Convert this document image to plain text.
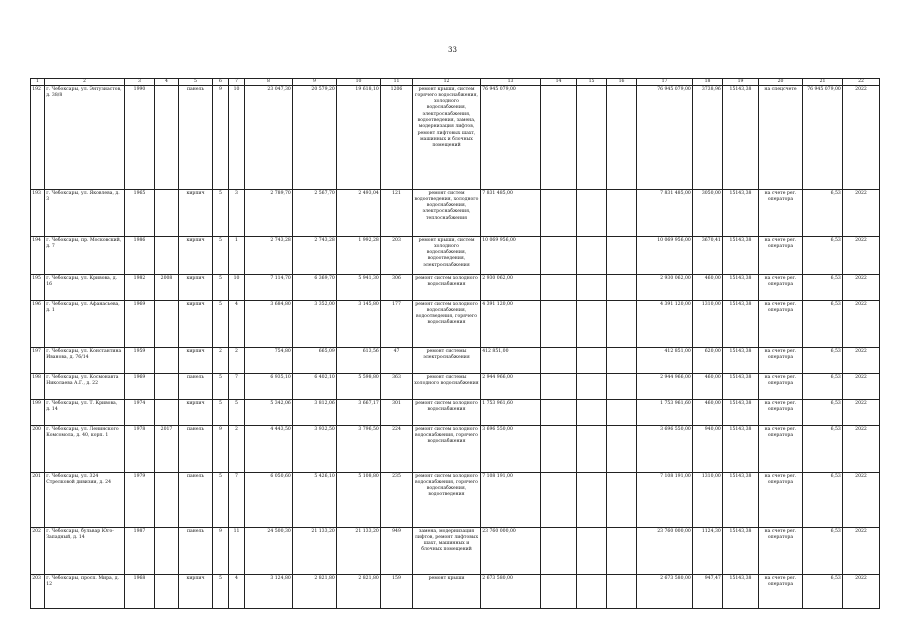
33
1	2	3	4	5	6	7	8	9	10	11	12	13	14	15	16	17	18	19	20	21	22
192	г. Чебоксары, ул. Энтузиастов, д. 38/8	1990		панель	9	10	23 047,30	20 579,20	19 618,10	1206	ремонт крыши, систем горячего водоснабжения, холодного водоснабжения, электроснабжения, водоотведения, замена, модернизация лифтов, ремонт лифтовых шахт, машинных и блочных помещений	76 945 079,00				76 945 079,00	3738,96	15143,38	на спецсчете	76 945 079,00	2022
193	г. Чебоксары, ул. Яковлева, д. 3	1965		кирпич	5	3	2 789,70	2 567,70	2 493,04	121	ремонт систем водоотведения, холодного водоснабжения, электроснабжения, теплоснабжения	7 831 485,00				7 831 485,00	3050,00	15143,38	на счете рег. оператора	6,53	2022
194	г. Чебоксары, пр. Московский, д. 7	1986		кирпич	5	1	2 743,28	2 743,28	1 992,28	203	ремонт крыши, систем холодного водоснабжения, водоотведения, электроснабжения	10 069 956,00				10 069 956,00	3670,41	15143,38	на счете рег. оператора	6,53	2022
195	г. Чебоксары, ул. Кривова, д. 16	1982	2008	кирпич	5	10	7 114,70	6 369,70	5 941,30	306	ремонт систем холодного водоснабжения	2 930 062,00				2 930 062,00	460,00	15143,38	на счете рег. оператора	6,53	2022
196	г. Чебоксары, ул. Афанасьева, д. 1	1969		кирпич	5	4	3 684,80	3 352,00	3 145,80	177	ремонт систем холодного водоснабжения, водоотведения, горячего водоснабжения	4 391 120,00				4 391 120,00	1310,00	15143,38	на счете рег. оператора	6,53	2022
197	г. Чебоксары, ул. Константина Иванова, д. 76/14	1959		кирпич	2	2	754,80	665,09	613,56	47	ремонт системы электроснабжения	412 851,00				412 851,00	620,00	15143,38	на счете рег. оператора	6,53	2022
198	г. Чебоксары, ул. Космонавта Николаева А.Г., д. 22	1969		панель	5	7	6 935,10	6 402,10	5 598,80	363	ремонт системы холодного водоснабжения	2 944 966,00				2 944 966,00	460,00	15143,38	на счете рег. оператора	6,53	2022
199	г. Чебоксары, ул. Т. Кривова, д. 14	1974		кирпич	5	5	5 342,06	3 812,06	3 667,17	301	ремонт систем холодного водоснабжения	1 753 961,60				1 753 961,60	460,00	15143,38	на счете рег. оператора	6,53	2022
200	г. Чебоксары, ул. Ленинского Комсомола, д. 40, корп. 1	1978	2017	панель	9	2	4 443,50	3 932,50	3 796,50	224	ремонт систем холодного водоснабжения, горячего водоснабжения	3 696 550,00				3 696 550,00	940,00	15143,38	на счете рег. оператора	6,53	2022
201	г. Чебоксары, ул. 324 Стрелковой дивизии, д. 24	1979		панель	5	7	6 050,60	5 426,10	5 108,80	235	ремонт систем холодного водоснабжения, горячего водоснабжения, водоотведения	7 108 191,00				7 108 191,00	1310,00	15143,38	на счете рег. оператора	6,53	2022
202	г. Чебоксары, бульвар Юго-Западный, д. 14	1987		панель	9	11	24 500,30	21 133,20	21 133,20	949	замена, модернизация лифтов, ремонт лифтовых шахт, машинных и блочных помещений	23 760 000,00				23 760 000,00	1124,30	15143,38	на счете рег. оператора	6,53	2022
203	г. Чебоксары, просп. Мира, д. 12	1968		кирпич	5	4	3 124,80	2 821,80	2 821,80	159	ремонт крыши	2 673 580,00				2 673 580,00	947,47	15143,38	на счете рег. оператора	6,53	2022
